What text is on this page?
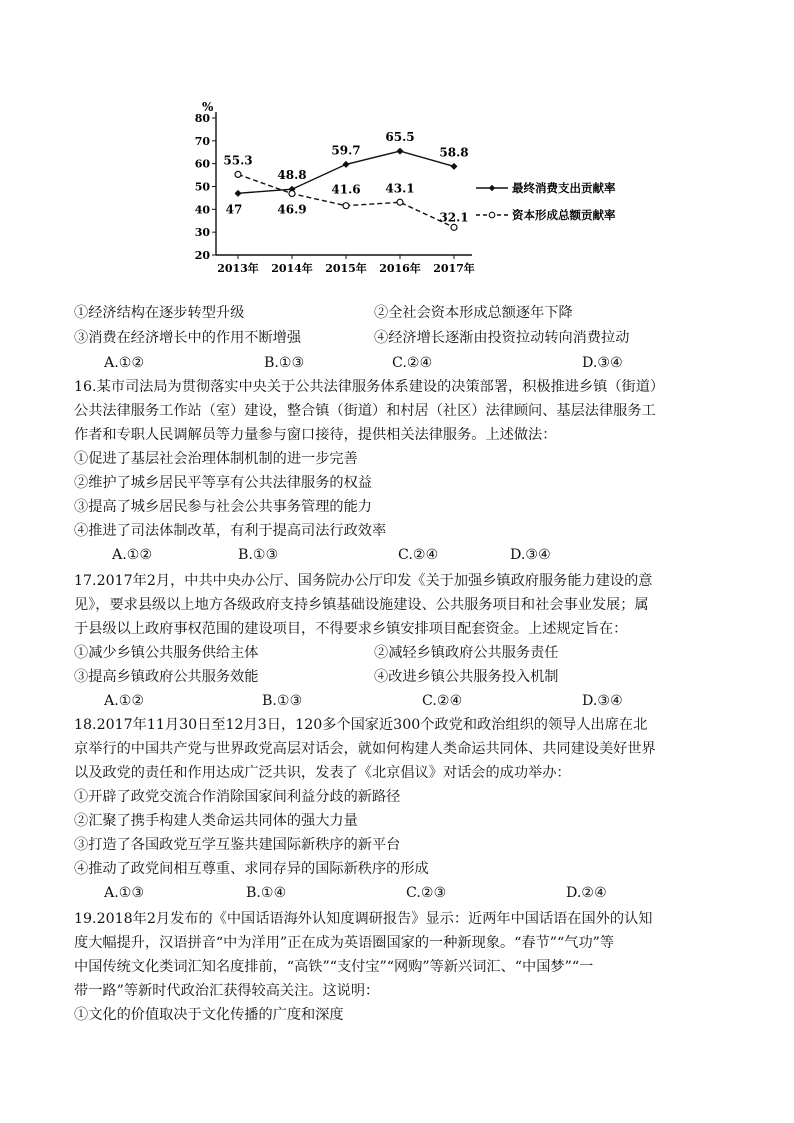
%
20
30
40
50
60
70
80
2013年 2014年 2015年 2016年 2017年
47
48.8
59.7
65.5
58.8
55.3
46.9
41.6 43.1
32.1
最终消费支出贡献率
资本形成总额贡献率
①经济结构在逐步转型升级	②全社会资本形成总额逐年下降
③消费在经济增长中的作用不断增强	④经济增长逐渐由投资拉动转向消费拉动
A.①②	B.①③	C.②④	D.③④
16.某市司法局为贯彻落实中央关于公共法律服务体系建设的决策部署，积极推进乡镇（街道）
公共法律服务工作站（室）建设，整合镇（街道）和村居（社区）法律顾问、基层法律服务工
作者和专职人民调解员等力量参与窗口接待，提供相关法律服务。上述做法：
①促进了基层社会治理体制机制的进一步完善
②维护了城乡居民平等享有公共法律服务的权益
③提高了城乡居民参与社会公共事务管理的能力
④推进了司法体制改革，有利于提高司法行政效率
A.①②	B.①③	C.②④	D.③④
17.2017年2月，中共中央办公厅、国务院办公厅印发《关于加强乡镇政府服务能力建设的意
见》，要求县级以上地方各级政府支持乡镇基础设施建设、公共服务项目和社会事业发展；属
于县级以上政府事权范围的建设项目，不得要求乡镇安排项目配套资金。上述规定旨在：
①减少乡镇公共服务供给主体	②减轻乡镇政府公共服务责任
③提高乡镇政府公共服务效能	④改进乡镇公共服务投入机制
A.①②	B.①③	C.②④	D.③④
18.2017年11月30日至12月3日，120多个国家近300个政党和政治组织的领导人出席在北
京举行的中国共产党与世界政党高层对话会，就如何构建人类命运共同体、共同建设美好世界
以及政党的责任和作用达成广泛共识，发表了《北京倡议》对话会的成功举办：
①开辟了政党交流合作消除国家间利益分歧的新路径
②汇聚了携手构建人类命运共同体的强大力量
③打造了各国政党互学互鉴共建国际新秩序的新平台
④推动了政党间相互尊重、求同存异的国际新秩序的形成
A.①③	B.①④	C.②③	D.②④
19.2018年2月发布的《中国话语海外认知度调研报告》显示：近两年中国话语在国外的认知
度大幅提升，汉语拼音“中为洋用”正在成为英语圈国家的一种新现象。“春节”“气功”等
中国传统文化类词汇知名度排前，“高铁”“支付宝”“网购”等新兴词汇、“中国梦”“一
带一路”等新时代政治汇获得较高关注。这说明：
①文化的价值取决于文化传播的广度和深度
